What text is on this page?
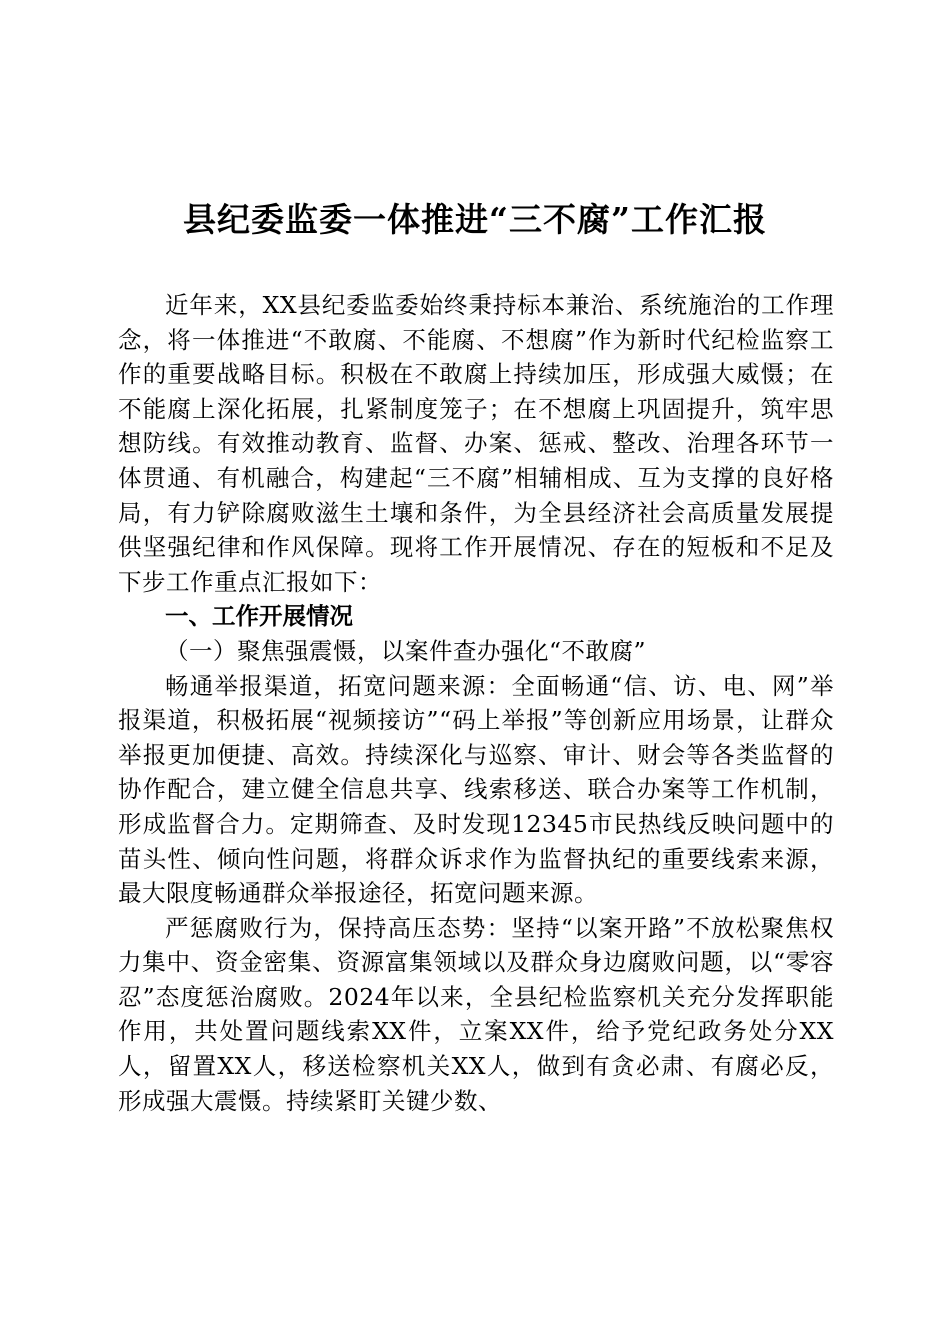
县纪委监委一体推进“三不腐”工作汇报

近年来，XX县纪委监委始终秉持标本兼治、系统施治的工作理念，将一体推进“不敢腐、不能腐、不想腐”作为新时代纪检监察工作的重要战略目标。积极在不敢腐上持续加压，形成强大威慑；在不能腐上深化拓展，扎紧制度笼子；在不想腐上巩固提升，筑牢思想防线。有效推动教育、监督、办案、惩戒、整改、治理各环节一体贯通、有机融合，构建起“三不腐”相辅相成、互为支撑的良好格局，有力铲除腐败滋生土壤和条件，为全县经济社会高质量发展提供坚强纪律和作风保障。现将工作开展情况、存在的短板和不足及下步工作重点汇报如下：

一、工作开展情况

（一）聚焦强震慑，以案件查办强化“不敢腐”

畅通举报渠道，拓宽问题来源：全面畅通“信、访、电、网”举报渠道，积极拓展“视频接访”“码上举报”等创新应用场景，让群众举报更加便捷、高效。持续深化与巡察、审计、财会等各类监督的协作配合，建立健全信息共享、线索移送、联合办案等工作机制，形成监督合力。定期筛查、及时发现12345市民热线反映问题中的苗头性、倾向性问题，将群众诉求作为监督执纪的重要线索来源，最大限度畅通群众举报途径，拓宽问题来源。

严惩腐败行为，保持高压态势：坚持“以案开路”不放松聚焦权力集中、资金密集、资源富集领域以及群众身边腐败问题，以“零容忍”态度惩治腐败。2024年以来，全县纪检监察机关充分发挥职能作用，共处置问题线索XX件，立案XX件，给予党纪政务处分XX人，留置XX人，移送检察机关XX人，做到有贪必肃、有腐必反，形成强大震慑。持续紧盯关键少数、
